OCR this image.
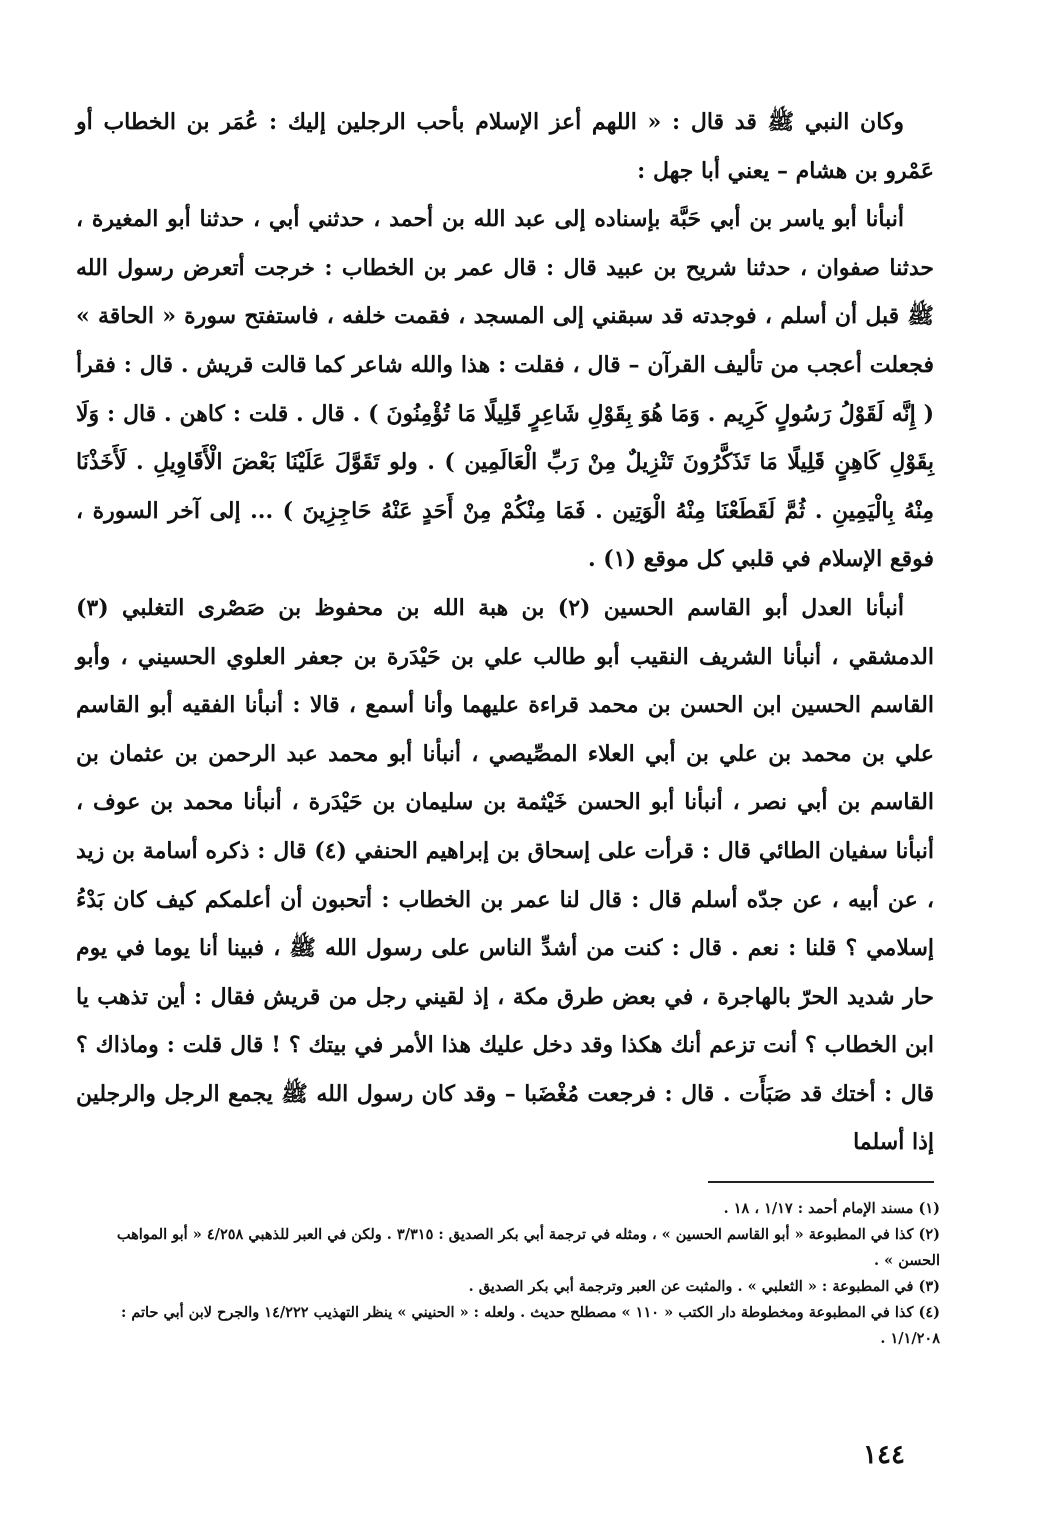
وكان النبي ﷺ قد قال : « اللهم أعز الإسلام بأحب الرجلين إليك : عُمَر بن الخطاب أو عَمْرو بن هشام – يعني أبا جهل :

أنبأنا أبو ياسر بن أبي حَبَّة بإسناده إلى عبد الله بن أحمد ، حدثني أبي ، حدثنا أبو المغيرة ، حدثنا صفوان ، حدثنا شريح بن عبيد قال : قال عمر بن الخطاب : خرجت أتعرض رسول الله ﷺ قبل أن أسلم ، فوجدته قد سبقني إلى المسجد ، فقمت خلفه ، فاستفتح سورة « الحاقة » فجعلت أعجب من تأليف القرآن – قال ، فقلت : هذا والله شاعر كما قالت قريش . قال : فقرأ ( إِنَّه لَقَوْلُ رَسُولٍ كَرِيم . وَمَا هُوَ بِقَوْلِ شَاعِرٍ قَلِيلًا مَا تُؤْمِنُونَ ) . قال . قلت : كاهن . قال : وَلَا بِقَوْلِ كَاهِنٍ قَلِيلًا مَا تَذَكَّرُونَ تَنْزِيلٌ مِنْ رَبِّ الْعَالَمِين ) . ولو تَقَوَّلَ عَلَيْنَا بَعْضَ الْأَقَاوِيلِ . لَأَخَذْنَا مِنْهُ بِالْيَمِينِ . ثُمَّ لَقَطَعْنَا مِنْهُ الْوَتِين . فَمَا مِنْكُمْ مِنْ أَحَدٍ عَنْهُ حَاجِزِينَ ) ... إلى آخر السورة ، فوقع الإسلام في قلبي كل موقع (١) .

أنبأنا العدل أبو القاسم الحسين (٢) بن هبة الله بن محفوظ بن صَصْرى التغلبي (٣) الدمشقي ، أنبأنا الشريف النقيب أبو طالب علي بن حَيْدَرة بن جعفر العلوي الحسيني ، وأبو القاسم الحسين ابن الحسن بن محمد قراءة عليهما وأنا أسمع ، قالا : أنبأنا الفقيه أبو القاسم علي بن محمد بن علي بن أبي العلاء المصِّيصي ، أنبأنا أبو محمد عبد الرحمن بن عثمان بن القاسم بن أبي نصر ، أنبأنا أبو الحسن خَيْثمة بن سليمان بن حَيْدَرة ، أنبأنا محمد بن عوف ، أنبأنا سفيان الطائي قال : قرأت على إسحاق بن إبراهيم الحنفي (٤) قال : ذكره أسامة بن زيد ، عن أبيه ، عن جدّه أسلم قال : قال لنا عمر بن الخطاب : أتحبون أن أعلمكم كيف كان بَدْءُ إسلامي ؟ قلنا : نعم . قال : كنت من أشدِّ الناس على رسول الله ﷺ ، فبينا أنا يوما في يوم حار شديد الحرّ بالهاجرة ، في بعض طرق مكة ، إذ لقيني رجل من قريش فقال : أين تذهب يا ابن الخطاب ؟ أنت تزعم أنك هكذا وقد دخل عليك هذا الأمر في بيتك ؟ ! قال قلت : وماذاك ؟ قال : أختك قد صَبَأَت . قال : فرجعت مُغْضَبا – وقد كان رسول الله ﷺ يجمع الرجل والرجلين إذا أسلما

(١) مسند الإمام أحمد : ١/١٧ ، ١٨ .

(٢) كذا في المطبوعة « أبو القاسم الحسين » ، ومثله في ترجمة أبي بكر الصديق : ٣/٣١٥ . ولكن في العبر للذهبي ٤/٢٥٨ « أبو المواهب الحسن » .

(٣) في المطبوعة : « الثعلبي » . والمثبت عن العبر وترجمة أبي بكر الصديق .

(٤) كذا في المطبوعة ومخطوطة دار الكتب « ١١٠ » مصطلح حديث . ولعله : « الحنيني » ينظر التهذيب ١٤/٢٢٢ والجرح لابن أبي حاتم : ١/١/٢٠٨ .

١٤٤
